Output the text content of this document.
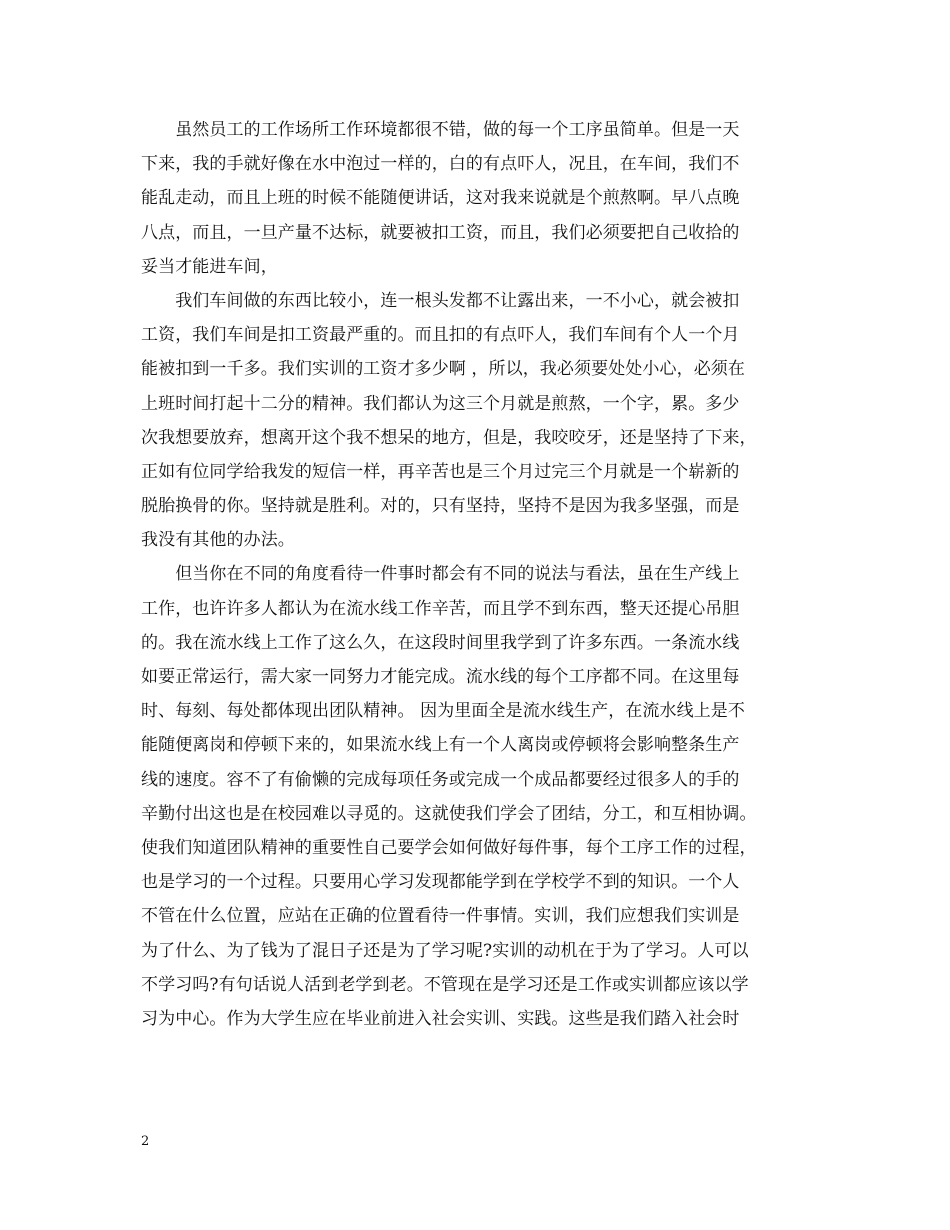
　　虽然员工的工作场所工作环境都很不错，做的每一个工序虽简单。但是一天
下来，我的手就好像在水中泡过一样的，白的有点吓人，况且，在车间，我们不
能乱走动，而且上班的时候不能随便讲话，这对我来说就是个煎熬啊。早八点晚
八点，而且，一旦产量不达标，就要被扣工资，而且，我们必须要把自己收拾的
妥当才能进车间，
　　我们车间做的东西比较小，连一根头发都不让露出来，一不小心，就会被扣
工资，我们车间是扣工资最严重的。而且扣的有点吓人，我们车间有个人一个月
能被扣到一千多。我们实训的工资才多少啊 ，所以，我必须要处处小心，必须在
上班时间打起十二分的精神。我们都认为这三个月就是煎熬，一个字，累。多少
次我想要放弃，想离开这个我不想呆的地方，但是，我咬咬牙，还是坚持了下来，
正如有位同学给我发的短信一样，再辛苦也是三个月过完三个月就是一个崭新的
脱胎换骨的你。坚持就是胜利。对的，只有坚持，坚持不是因为我多坚强，而是
我没有其他的办法。
　　但当你在不同的角度看待一件事时都会有不同的说法与看法，虽在生产线上
工作，也许许多人都认为在流水线工作辛苦，而且学不到东西，整天还提心吊胆
的。我在流水线上工作了这么久，在这段时间里我学到了许多东西。一条流水线
如要正常运行，需大家一同努力才能完成。流水线的每个工序都不同。在这里每
时、每刻、每处都体现出团队精神。 因为里面全是流水线生产，在流水线上是不
能随便离岗和停顿下来的，如果流水线上有一个人离岗或停顿将会影响整条生产
线的速度。容不了有偷懒的完成每项任务或完成一个成品都要经过很多人的手的
辛勤付出这也是在校园难以寻觅的。这就使我们学会了团结，分工，和互相协调。
使我们知道团队精神的重要性自己要学会如何做好每件事，每个工序工作的过程，
也是学习的一个过程。只要用心学习发现都能学到在学校学不到的知识。一个人
不管在什么位置，应站在正确的位置看待一件事情。实训，我们应想我们实训是
为了什么、为了钱为了混日子还是为了学习呢?实训的动机在于为了学习。人可以
不学习吗?有句话说人活到老学到老。不管现在是学习还是工作或实训都应该以学
习为中心。作为大学生应在毕业前进入社会实训、实践。这些是我们踏入社会时
2
